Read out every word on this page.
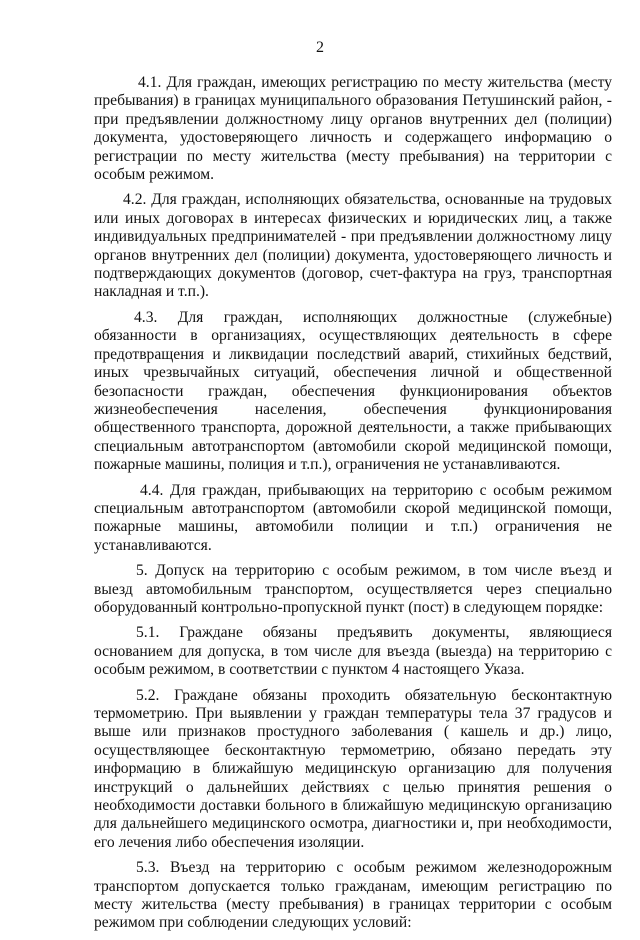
2

4.1. Для граждан, имеющих регистрацию по месту жительства (месту пребывания) в границах муниципального образования Петушинский район, - при предъявлении должностному лицу органов внутренних дел (полиции) документа, удостоверяющего личность и содержащего информацию о регистрации по месту жительства (месту пребывания) на территории с особым режимом.

4.2. Для граждан, исполняющих обязательства, основанные на трудовых или иных договорах в интересах физических и юридических лиц, а также индивидуальных предпринимателей - при предъявлении должностному лицу органов внутренних дел (полиции) документа, удостоверяющего личность и подтверждающих документов (договор, счет-фактура на груз, транспортная накладная и т.п.).

4.3. Для граждан, исполняющих должностные (служебные) обязанности в организациях, осуществляющих деятельность в сфере предотвращения и ликвидации последствий аварий, стихийных бедствий, иных чрезвычайных ситуаций, обеспечения личной и общественной безопасности граждан, обеспечения функционирования объектов жизнеобеспечения населения, обеспечения функционирования общественного транспорта, дорожной деятельности, а также прибывающих специальным автотранспортом (автомобили скорой медицинской помощи, пожарные машины, полиция и т.п.), ограничения не устанавливаются.

4.4. Для граждан, прибывающих на территорию с особым режимом специальным автотранспортом (автомобили скорой медицинской помощи, пожарные машины, автомобили полиции и т.п.) ограничения не устанавливаются.

5. Допуск на территорию с особым режимом, в том числе въезд и выезд автомобильным транспортом, осуществляется через специально оборудованный контрольно-пропускной пункт (пост) в следующем порядке:

5.1. Граждане обязаны предъявить документы, являющиеся основанием для допуска, в том числе для въезда (выезда) на территорию с особым режимом, в соответствии с пунктом 4 настоящего Указа.

5.2. Граждане обязаны проходить обязательную бесконтактную термометрию. При выявлении у граждан температуры тела 37 градусов и выше или признаков простудного заболевания ( кашель и др.) лицо, осуществляющее бесконтактную термометрию, обязано передать эту информацию в ближайшую медицинскую организацию для получения инструкций о дальнейших действиях с целью принятия решения о необходимости доставки больного в ближайшую медицинскую организацию для дальнейшего медицинского осмотра, диагностики и, при необходимости, его лечения либо обеспечения изоляции.

5.3. Въезд на территорию с особым режимом железнодорожным транспортом допускается только гражданам, имеющим регистрацию по месту жительства (месту пребывания) в границах территории с особым режимом при соблюдении следующих условий:
